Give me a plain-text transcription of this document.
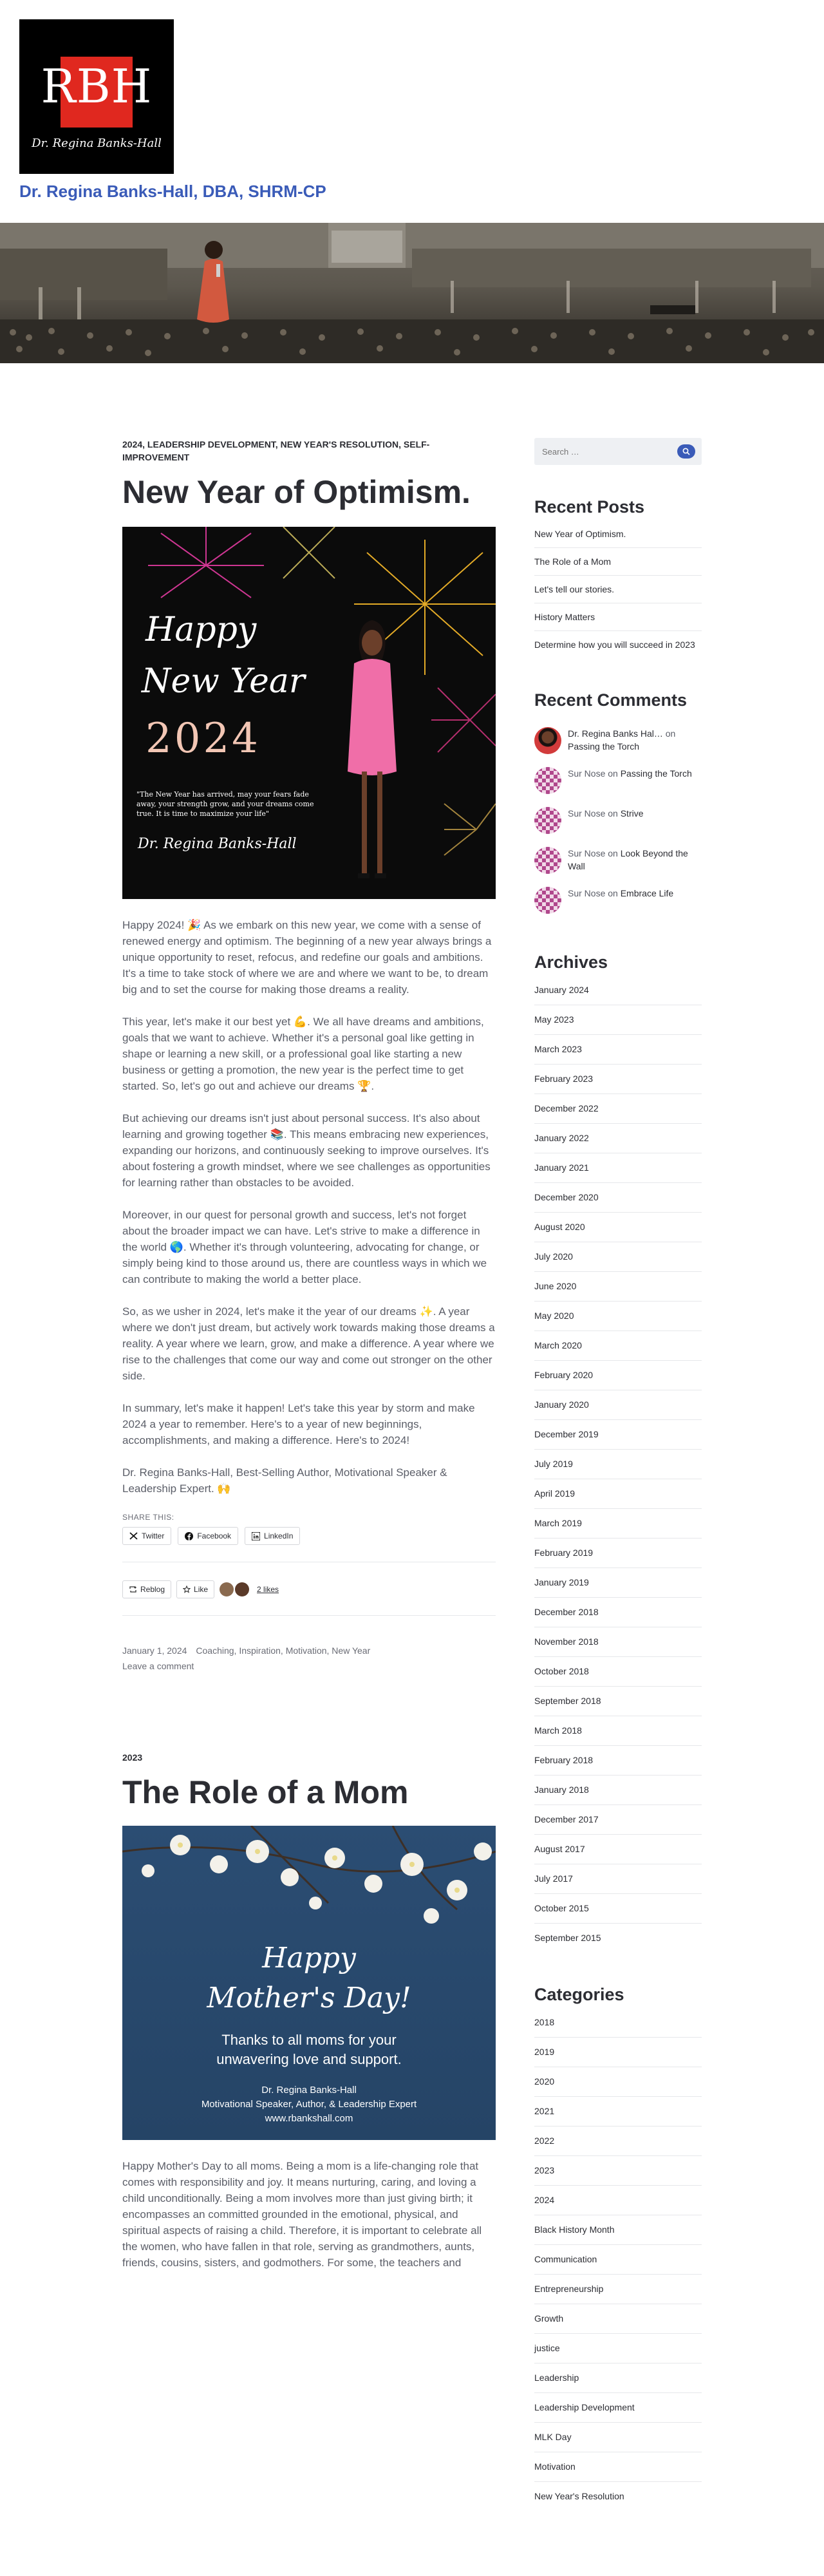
RBH
Dr. Regina Banks-Hall
Dr. Regina Banks-Hall, DBA, SHRM-CP
2024, LEADERSHIP DEVELOPMENT, NEW YEAR'S RESOLUTION, SELF-IMPROVEMENT
New Year of Optimism.
Happy
New Year
2024
"The New Year has arrived, may your fears fade away, your strength grow, and your dreams come true. It is time to maximize your life"
Dr. Regina Banks-Hall

Happy 2024! 🎉 As we embark on this new year, we come with a sense of renewed energy and optimism. The beginning of a new year always brings a unique opportunity to reset, refocus, and redefine our goals and ambitions. It's a time to take stock of where we are and where we want to be, to dream big and to set the course for making those dreams a reality.

This year, let's make it our best yet 💪. We all have dreams and ambitions, goals that we want to achieve. Whether it's a personal goal like getting in shape or learning a new skill, or a professional goal like starting a new business or getting a promotion, the new year is the perfect time to get started. So, let's go out and achieve our dreams 🏆.

But achieving our dreams isn't just about personal success. It's also about learning and growing together 📚. This means embracing new experiences, expanding our horizons, and continuously seeking to improve ourselves. It's about fostering a growth mindset, where we see challenges as opportunities for learning rather than obstacles to be avoided.

Moreover, in our quest for personal growth and success, let's not forget about the broader impact we can have. Let's strive to make a difference in the world 🌎. Whether it's through volunteering, advocating for change, or simply being kind to those around us, there are countless ways in which we can contribute to making the world a better place.

So, as we usher in 2024, let's make it the year of our dreams ✨. A year where we don't just dream, but actively work towards making those dreams a reality. A year where we learn, grow, and make a difference. A year where we rise to the challenges that come our way and come out stronger on the other side.

In summary, let's make it happen! Let's take this year by storm and make 2024 a year to remember. Here's to a year of new beginnings, accomplishments, and making a difference. Here's to 2024!

Dr. Regina Banks-Hall, Best-Selling Author, Motivational Speaker & Leadership Expert. 🙌

SHARE THIS:
Twitter	Facebook	LinkedIn
Reblog	Like	2 likes
January 1, 2024 Coaching, Inspiration, Motivation, New Year
Leave a comment
2023
The Role of a Mom
Happy
Mother's Day!
Thanks to all moms for your
unwavering love and support.
Dr. Regina Banks-Hall
Motivational Speaker, Author, & Leadership Expert
www.rbankshall.com

Happy Mother's Day to all moms. Being a mom is a life-changing role that comes with responsibility and joy. It means nurturing, caring, and loving a child unconditionally. Being a mom involves more than just giving birth; it encompasses an committed grounded in the emotional, physical, and spiritual aspects of raising a child. Therefore, it is important to celebrate all the women, who have fallen in that role, serving as grandmothers, aunts, friends, cousins, sisters, and godmothers. For some, the teachers and

Search …
Recent Posts
New Year of Optimism.
The Role of a Mom
Let's tell our stories.
History Matters
Determine how you will succeed in 2023
Recent Comments
Dr. Regina Banks Hal… on Passing the Torch
Sur Nose on Passing the Torch
Sur Nose on Strive
Sur Nose on Look Beyond the Wall
Sur Nose on Embrace Life
Archives
January 2024
May 2023
March 2023
February 2023
December 2022
January 2022
January 2021
December 2020
August 2020
July 2020
June 2020
May 2020
March 2020
February 2020
January 2020
December 2019
July 2019
April 2019
March 2019
February 2019
January 2019
December 2018
November 2018
October 2018
September 2018
March 2018
February 2018
January 2018
December 2017
August 2017
July 2017
October 2015
September 2015
Categories
2018
2019
2020
2021
2022
2023
2024
Black History Month
Communication
Entrepreneurship
Growth
justice
Leadership
Leadership Development
MLK Day
Motivation
New Year's Resolution
